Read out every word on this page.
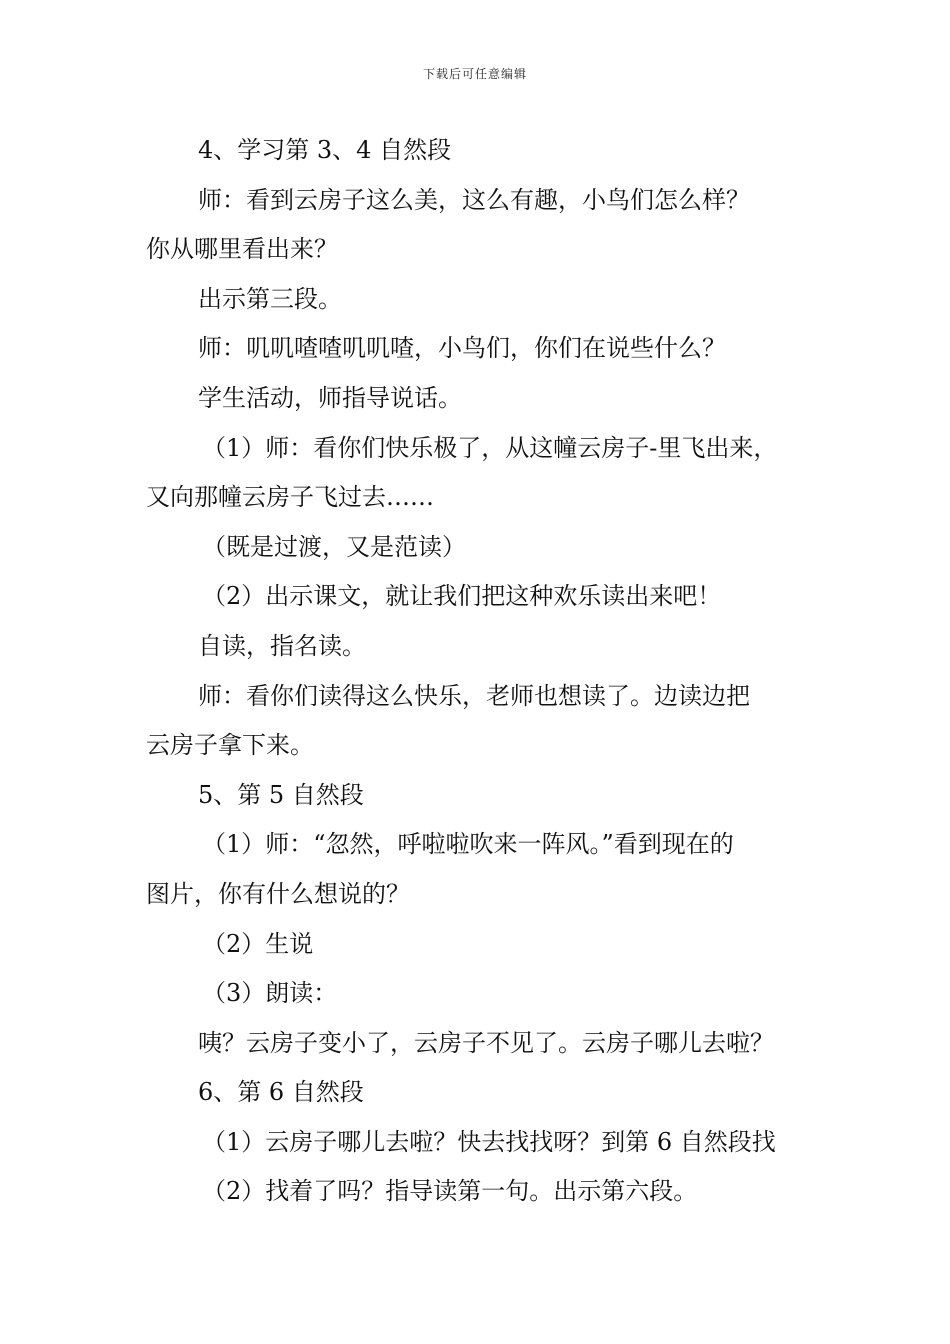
下载后可任意编辑
4、学习第 3、4 自然段
师：看到云房子这么美，这么有趣，小鸟们怎么样？
你从哪里看出来？
出示第三段。
师：叽叽喳喳叽叽喳，小鸟们，你们在说些什么？
学生活动，师指导说话。
（1）师：看你们快乐极了，从这幢云房子-里飞出来，
又向那幢云房子飞过去……
（既是过渡，又是范读）
（2）出示课文，就让我们把这种欢乐读出来吧！
自读，指名读。
师：看你们读得这么快乐，老师也想读了。边读边把
云房子拿下来。
5、第 5 自然段
（1）师：“忽然，呼啦啦吹来一阵风。”看到现在的
图片，你有什么想说的？
（2）生说
（3）朗读：
咦？云房子变小了，云房子不见了。云房子哪儿去啦？
6、第 6 自然段
（1）云房子哪儿去啦？快去找找呀？到第 6 自然段找
（2）找着了吗？指导读第一句。出示第六段。
